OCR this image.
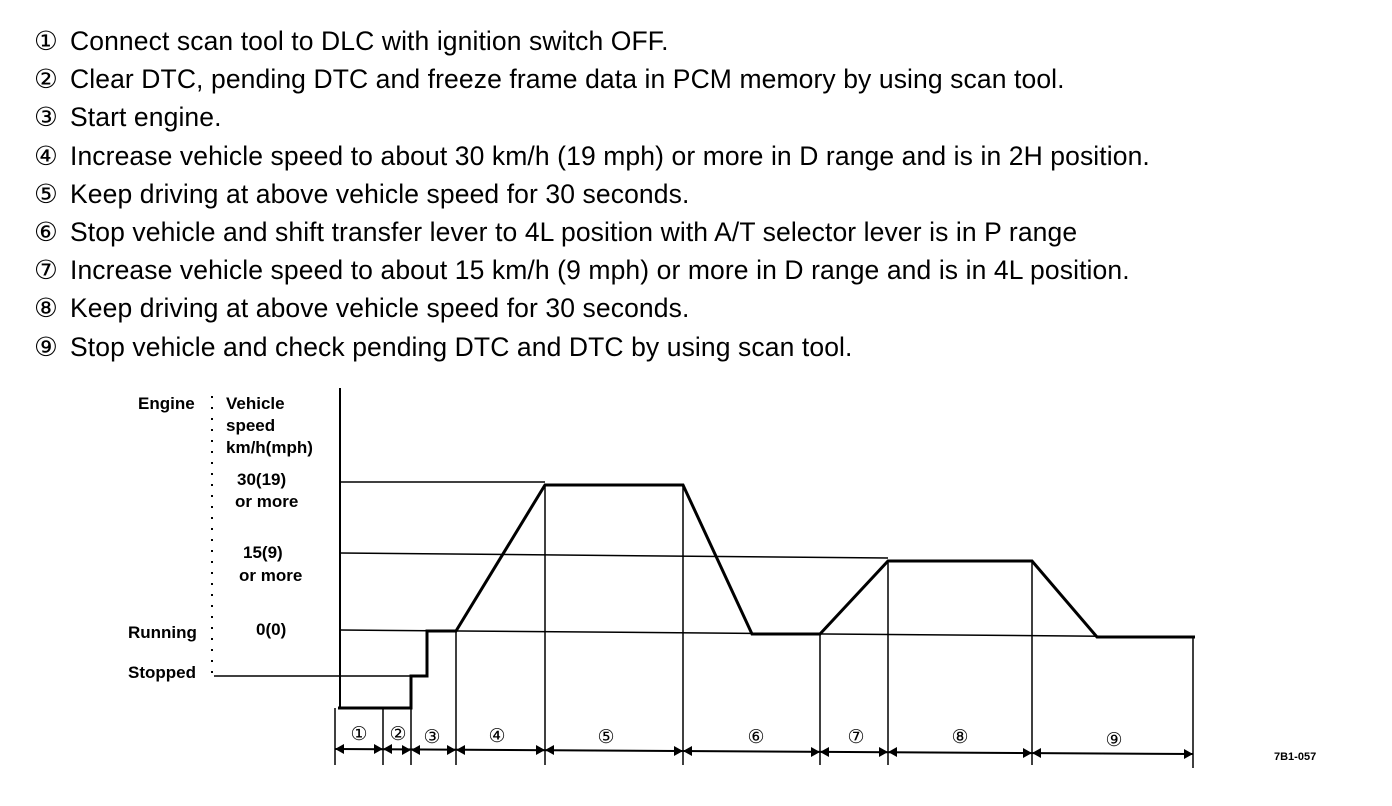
① Connect scan tool to DLC with ignition switch OFF.
② Clear DTC, pending DTC and freeze frame data in PCM memory by using scan tool.
③ Start engine.
④ Increase vehicle speed to about 30 km/h (19 mph) or more in D range and is in 2H position.
⑤ Keep driving at above vehicle speed for 30 seconds.
⑥ Stop vehicle and shift transfer lever to 4L position with A/T selector lever is in P range
⑦ Increase vehicle speed to about 15 km/h (9 mph) or more in D range and is in 4L position.
⑧ Keep driving at above vehicle speed for 30 seconds.
⑨ Stop vehicle and check pending DTC and DTC by using scan tool.
Engine Vehicle
speed
km/h(mph)
30(19)
or more
15(9)
or more
0(0)
Running
Stopped
① ② ③	④	⑤	⑥	⑦	⑧	⑨
7B1-057
